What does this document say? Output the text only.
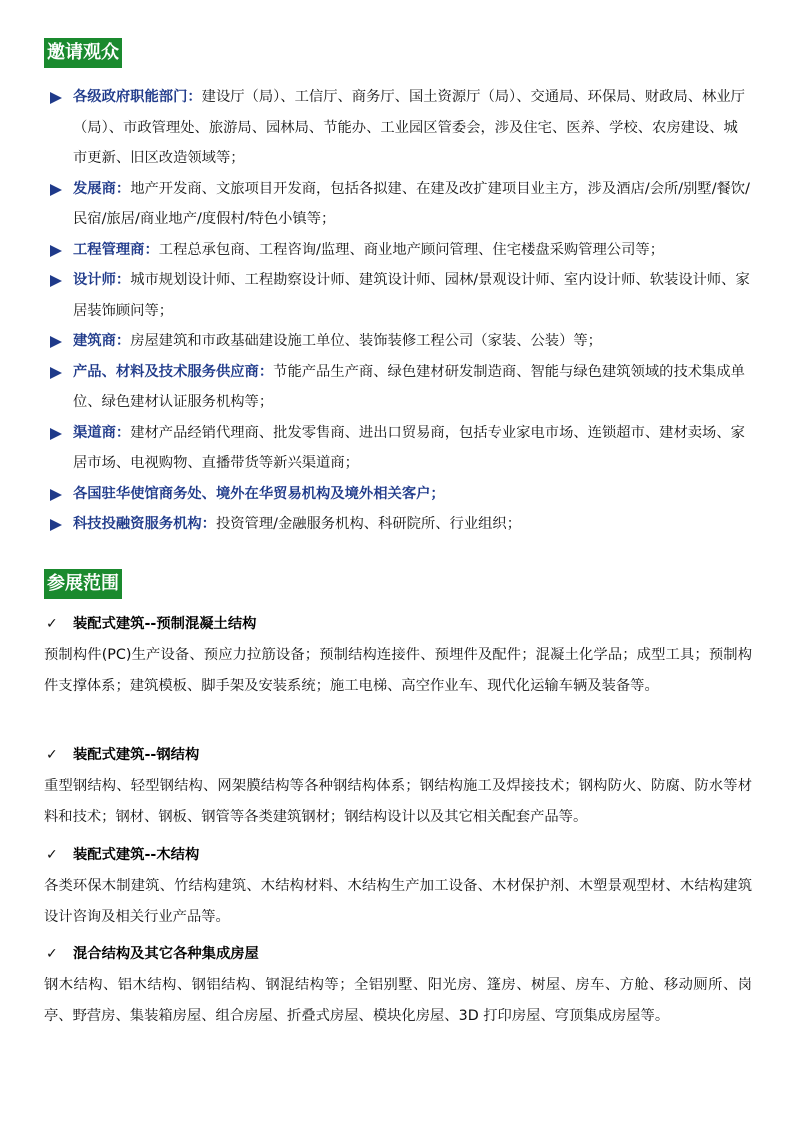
邀请观众
各级政府职能部门：建设厅（局）、工信厅、商务厅、国土资源厅（局）、交通局、环保局、财政局、林业厅（局）、市政管理处、旅游局、园林局、节能办、工业园区管委会，涉及住宅、医养、学校、农房建设、城市更新、旧区改造领域等；
发展商：地产开发商、文旅项目开发商，包括各拟建、在建及改扩建项目业主方，涉及酒店/会所/别墅/餐饮/民宿/旅居/商业地产/度假村/特色小镇等；
工程管理商：工程总承包商、工程咨询/监理、商业地产顾问管理、住宅楼盘采购管理公司等；
设计师：城市规划设计师、工程勘察设计师、建筑设计师、园林/景观设计师、室内设计师、软装设计师、家居装饰顾问等；
建筑商：房屋建筑和市政基础建设施工单位、装饰装修工程公司（家装、公装）等；
产品、材料及技术服务供应商：节能产品生产商、绿色建材研发制造商、智能与绿色建筑领域的技术集成单位、绿色建材认证服务机构等；
渠道商：建材产品经销代理商、批发零售商、进出口贸易商，包括专业家电市场、连锁超市、建材卖场、家居市场、电视购物、直播带货等新兴渠道商；
各国驻华使馆商务处、境外在华贸易机构及境外相关客户；
科技投融资服务机构：投资管理/金融服务机构、科研院所、行业组织；
参展范围
✓ 装配式建筑--预制混凝土结构
预制构件(PC)生产设备、预应力拉筋设备；预制结构连接件、预埋件及配件；混凝土化学品；成型工具；预制构件支撑体系；建筑模板、脚手架及安装系统；施工电梯、高空作业车、现代化运输车辆及装备等。
✓ 装配式建筑--钢结构
重型钢结构、轻型钢结构、网架膜结构等各种钢结构体系；钢结构施工及焊接技术；钢构防火、防腐、防水等材料和技术；钢材、钢板、钢管等各类建筑钢材；钢结构设计以及其它相关配套产品等。
✓ 装配式建筑--木结构
各类环保木制建筑、竹结构建筑、木结构材料、木结构生产加工设备、木材保护剂、木塑景观型材、木结构建筑设计咨询及相关行业产品等。
✓ 混合结构及其它各种集成房屋
钢木结构、铝木结构、钢铝结构、钢混结构等；全铝别墅、阳光房、篷房、树屋、房车、方舱、移动厕所、岗亭、野营房、集装箱房屋、组合房屋、折叠式房屋、模块化房屋、3D 打印房屋、穹顶集成房屋等。
